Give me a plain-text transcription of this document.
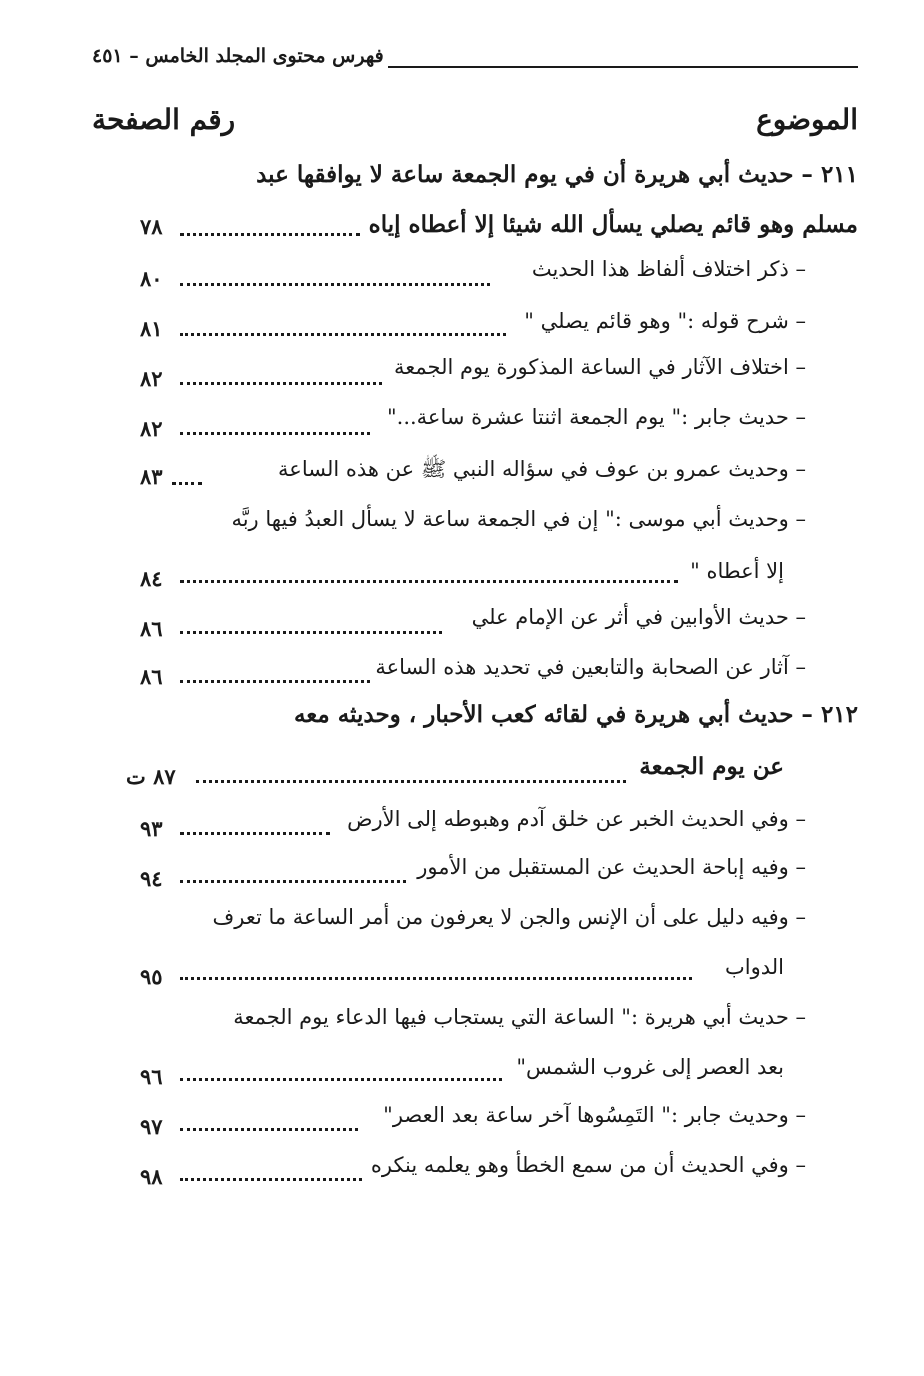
فهرس محتوى المجلد الخامس – ٤٥١
الموضوع
رقم الصفحة
٢١١ – حديث أبي هريرة أن في يوم الجمعة ساعة لا يوافقها عبد
مسلم وهو قائم يصلي يسأل الله شيئا إلا أعطاه إياه
٧٨
– ذكر اختلاف ألفاظ هذا الحديث
٨٠
– شرح قوله :" وهو قائم يصلي "
٨١
– اختلاف الآثار في الساعة المذكورة يوم الجمعة
٨٢
– حديث جابر :" يوم الجمعة اثنتا عشرة ساعة..."
٨٢
– وحديث عمرو بن عوف في سؤاله النبي ﷺ عن هذه الساعة
٨٣
– وحديث أبي موسى :" إن في الجمعة ساعة لا يسأل العبدُ فيها ربَّه
إلا أعطاه "
٨٤
– حديث الأوابين في أثر عن الإمام علي
٨٦
– آثار عن الصحابة والتابعين في تحديد هذه الساعة
٨٦
٢١٢ – حديث أبي هريرة في لقائه كعب الأحبار ، وحديثه معه
عن يوم الجمعة
٨٧ ت
– وفي الحديث الخبر عن خلق آدم وهبوطه إلى الأرض
٩٣
– وفيه إباحة الحديث عن المستقبل من الأمور
٩٤
– وفيه دليل على أن الإنس والجن لا يعرفون من أمر الساعة ما تعرف
الدواب
٩٥
– حديث أبي هريرة :" الساعة التي يستجاب فيها الدعاء يوم الجمعة
بعد العصر إلى غروب الشمس"
٩٦
– وحديث جابر :" التَمِسُوها آخر ساعة بعد العصر"
٩٧
– وفي الحديث أن من سمع الخطأ وهو يعلمه ينكره
٩٨
